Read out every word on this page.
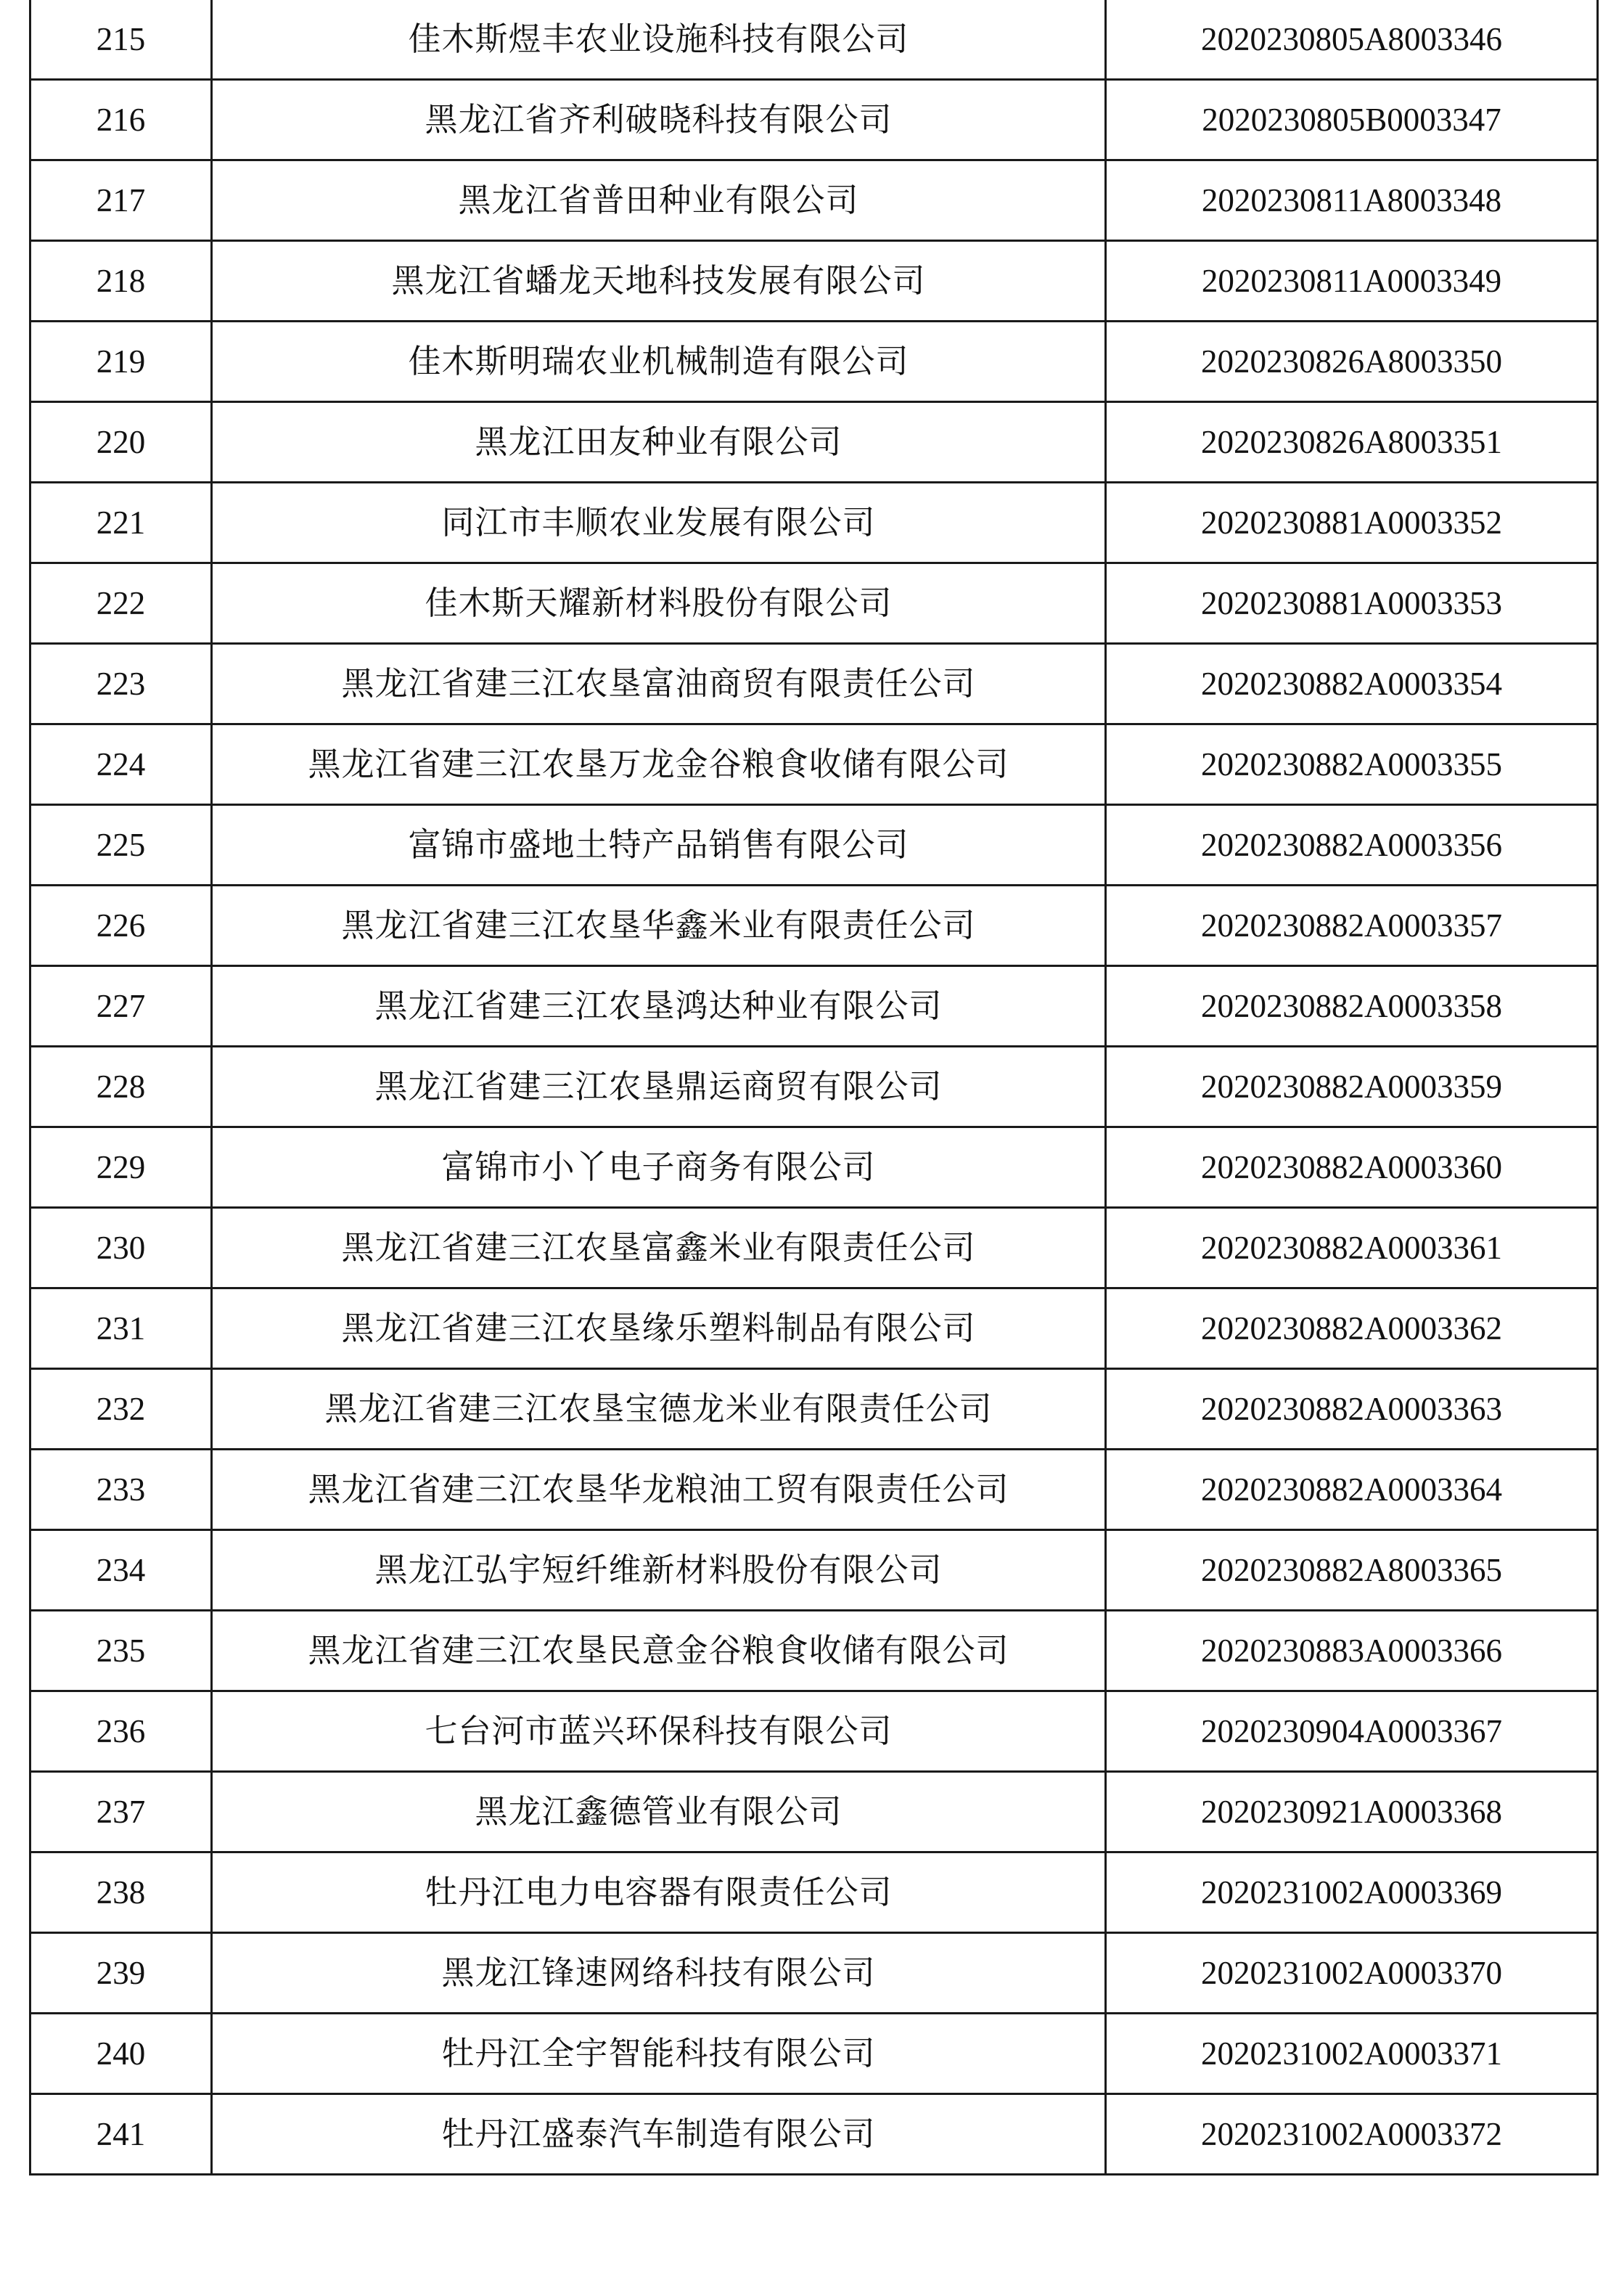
215	佳木斯煜丰农业设施科技有限公司	2020230805A8003346
216	黑龙江省齐利破晓科技有限公司	2020230805B0003347
217	黑龙江省普田种业有限公司	2020230811A8003348
218	黑龙江省蟠龙天地科技发展有限公司	2020230811A0003349
219	佳木斯明瑞农业机械制造有限公司	2020230826A8003350
220	黑龙江田友种业有限公司	2020230826A8003351
221	同江市丰顺农业发展有限公司	2020230881A0003352
222	佳木斯天耀新材料股份有限公司	2020230881A0003353
223	黑龙江省建三江农垦富油商贸有限责任公司	2020230882A0003354
224	黑龙江省建三江农垦万龙金谷粮食收储有限公司	2020230882A0003355
225	富锦市盛地土特产品销售有限公司	2020230882A0003356
226	黑龙江省建三江农垦华鑫米业有限责任公司	2020230882A0003357
227	黑龙江省建三江农垦鸿达种业有限公司	2020230882A0003358
228	黑龙江省建三江农垦鼎运商贸有限公司	2020230882A0003359
229	富锦市小丫电子商务有限公司	2020230882A0003360
230	黑龙江省建三江农垦富鑫米业有限责任公司	2020230882A0003361
231	黑龙江省建三江农垦缘乐塑料制品有限公司	2020230882A0003362
232	黑龙江省建三江农垦宝德龙米业有限责任公司	2020230882A0003363
233	黑龙江省建三江农垦华龙粮油工贸有限责任公司	2020230882A0003364
234	黑龙江弘宇短纤维新材料股份有限公司	2020230882A8003365
235	黑龙江省建三江农垦民意金谷粮食收储有限公司	2020230883A0003366
236	七台河市蓝兴环保科技有限公司	2020230904A0003367
237	黑龙江鑫德管业有限公司	2020230921A0003368
238	牡丹江电力电容器有限责任公司	2020231002A0003369
239	黑龙江锋速网络科技有限公司	2020231002A0003370
240	牡丹江全宇智能科技有限公司	2020231002A0003371
241	牡丹江盛泰汽车制造有限公司	2020231002A0003372
